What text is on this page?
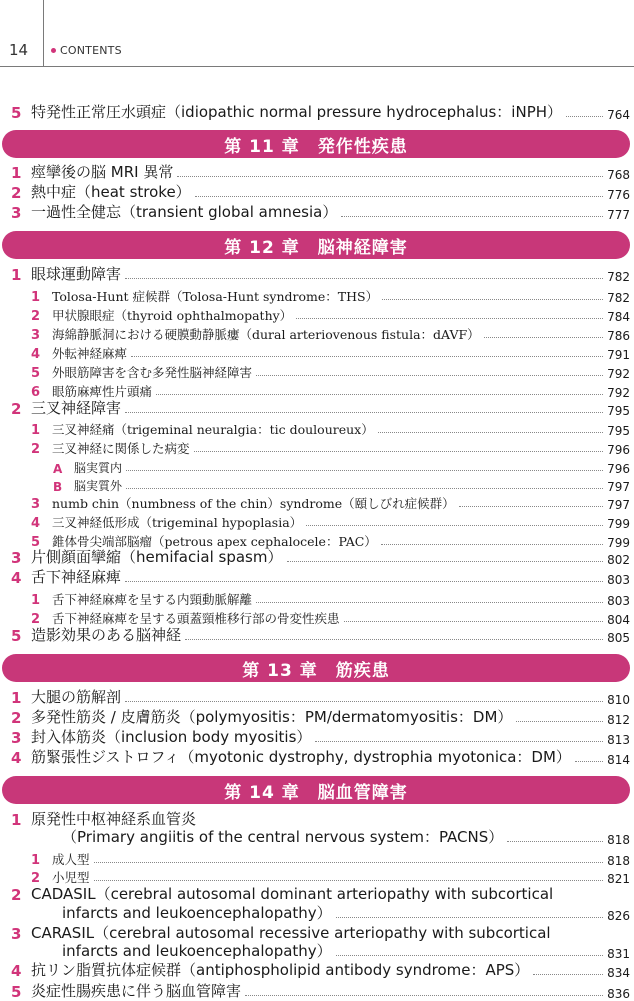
14	CONTENTS
5 特発性正常圧水頭症（idiopathic normal pressure hydrocephalus：iNPH）	764
第 11 章　発作性疾患
1 痙攣後の脳 MRI 異常	768
2 熱中症（heat stroke）	776
3 一過性全健忘（transient global amnesia）	777
第 12 章　脳神経障害
1 眼球運動障害	782
1 Tolosa-Hunt 症候群（Tolosa-Hunt syndrome：THS）	782
2 甲状腺眼症（thyroid ophthalmopathy）	784
3 海綿静脈洞における硬膜動静脈瘻（dural arteriovenous fistula：dAVF）	786
4 外転神経麻痺	791
5 外眼筋障害を含む多発性脳神経障害	792
6 眼筋麻痺性片頭痛	792
2 三叉神経障害	795
1 三叉神経痛（trigeminal neuralgia：tic douloureux）	795
2 三叉神経に関係した病変	796
A 脳実質内	796
B 脳実質外	797
3 numb chin（numbness of the chin）syndrome（頤しびれ症候群）	797
4 三叉神経低形成（trigeminal hypoplasia）	799
5 錐体骨尖端部脳瘤（petrous apex cephalocele：PAC）	799
3 片側顔面攣縮（hemifacial spasm）	802
4 舌下神経麻痺	803
1 舌下神経麻痺を呈する内頸動脈解離	803
2 舌下神経麻痺を呈する頭蓋頸椎移行部の骨変性疾患	804
5 造影効果のある脳神経	805
第 13 章　筋疾患
1 大腿の筋解剖	810
2 多発性筋炎 / 皮膚筋炎（polymyositis：PM/dermatomyositis：DM）	812
3 封入体筋炎（inclusion body myositis）	813
4 筋緊張性ジストロフィ（myotonic dystrophy, dystrophia myotonica：DM）	814
第 14 章　脳血管障害
1 原発性中枢神経系血管炎
（Primary angiitis of the central nervous system：PACNS）	818
1 成人型	818
2 小児型	821
2 CADASIL（cerebral autosomal dominant arteriopathy with subcortical
infarcts and leukoencephalopathy）	826
3 CARASIL（cerebral autosomal recessive arteriopathy with subcortical
infarcts and leukoencephalopathy）	831
4 抗リン脂質抗体症候群（antiphospholipid antibody syndrome：APS）	834
5 炎症性腸疾患に伴う脳血管障害	836
